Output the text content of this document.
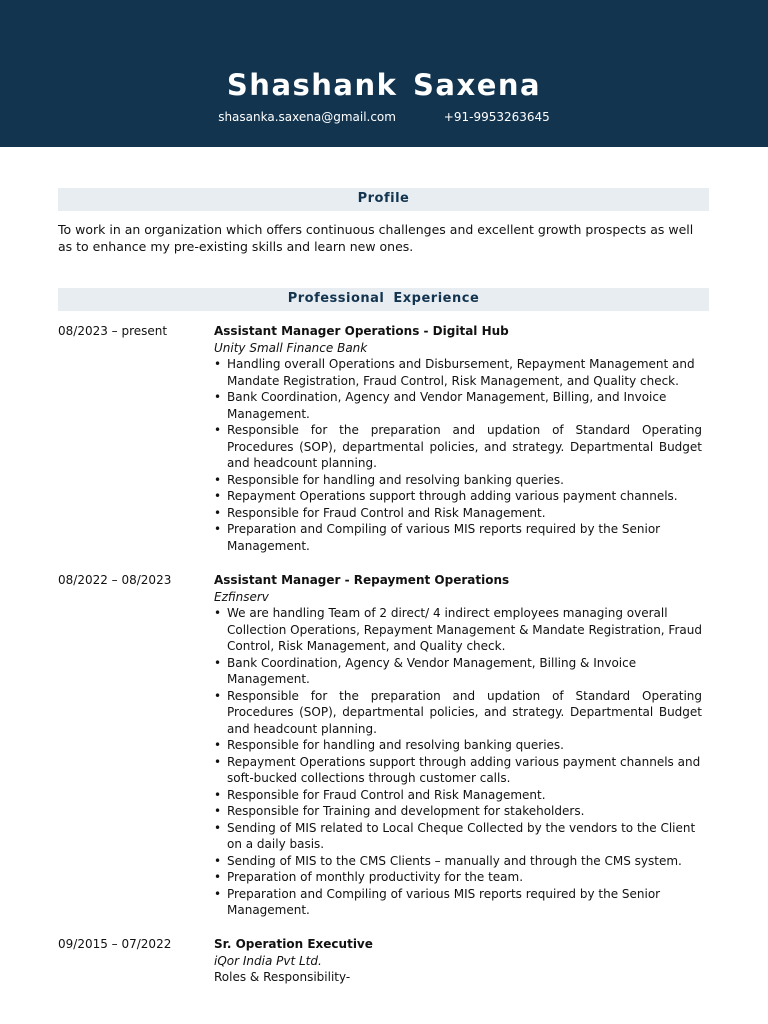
Shashank Saxena
shasanka.saxena@gmail.com	+91-9953263645
Profile
To work in an organization which offers continuous challenges and excellent growth prospects as well as to enhance my pre-existing skills and learn new ones.
Professional Experience
08/2023 – present	Assistant Manager Operations - Digital Hub
Unity Small Finance Bank
• Handling overall Operations and Disbursement, Repayment Management and Mandate Registration, Fraud Control, Risk Management, and Quality check.
• Bank Coordination, Agency and Vendor Management, Billing, and Invoice Management.
• Responsible for the preparation and updation of Standard Operating Procedures (SOP), departmental policies, and strategy. Departmental Budget and headcount planning.
• Responsible for handling and resolving banking queries.
• Repayment Operations support through adding various payment channels.
• Responsible for Fraud Control and Risk Management.
• Preparation and Compiling of various MIS reports required by the Senior Management.
08/2022 – 08/2023	Assistant Manager - Repayment Operations
Ezfinserv
• We are handling Team of 2 direct/ 4 indirect employees managing overall Collection Operations, Repayment Management & Mandate Registration, Fraud Control, Risk Management, and Quality check.
• Bank Coordination, Agency & Vendor Management, Billing & Invoice Management.
• Responsible for the preparation and updation of Standard Operating Procedures (SOP), departmental policies, and strategy. Departmental Budget and headcount planning.
• Responsible for handling and resolving banking queries.
• Repayment Operations support through adding various payment channels and soft-bucked collections through customer calls.
• Responsible for Fraud Control and Risk Management.
• Responsible for Training and development for stakeholders.
• Sending of MIS related to Local Cheque Collected by the vendors to the Client on a daily basis.
• Sending of MIS to the CMS Clients – manually and through the CMS system.
• Preparation of monthly productivity for the team.
• Preparation and Compiling of various MIS reports required by the Senior Management.
09/2015 – 07/2022	Sr. Operation Executive
iQor India Pvt Ltd.
Roles & Responsibility-
